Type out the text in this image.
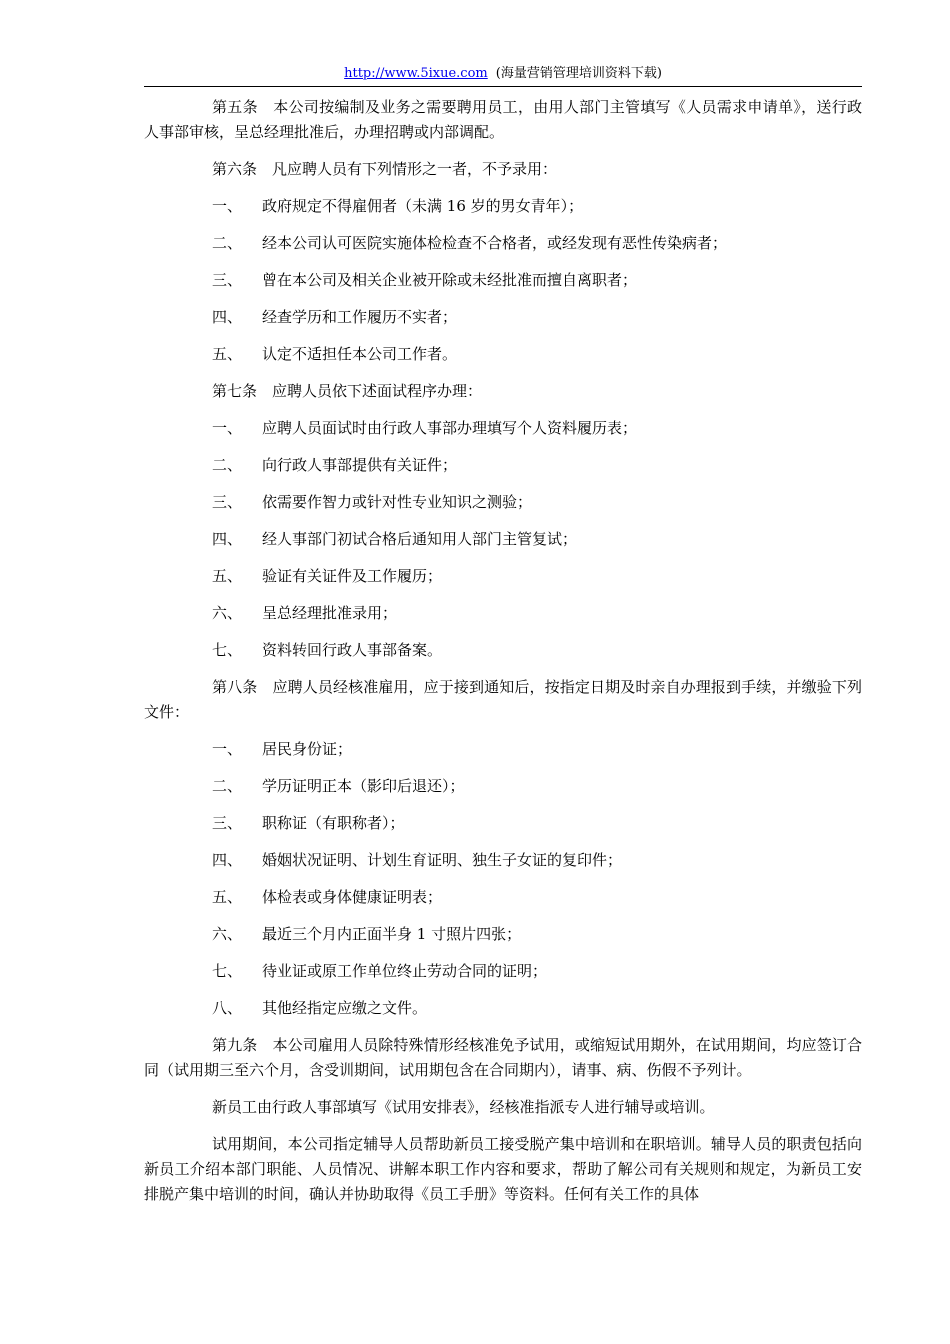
http://www.5ixue.com (海量营销管理培训资料下载)
第五条　本公司按编制及业务之需要聘用员工，由用人部门主管填写《人员需求申请单》，送行政人事部审核，呈总经理批准后，办理招聘或内部调配。
第六条　凡应聘人员有下列情形之一者，不予录用：
一、 政府规定不得雇佣者（未满 16 岁的男女青年）；
二、 经本公司认可医院实施体检检查不合格者，或经发现有恶性传染病者；
三、 曾在本公司及相关企业被开除或未经批准而擅自离职者；
四、 经查学历和工作履历不实者；
五、 认定不适担任本公司工作者。
第七条　应聘人员依下述面试程序办理：
一、 应聘人员面试时由行政人事部办理填写个人资料履历表；
二、 向行政人事部提供有关证件；
三、 依需要作智力或针对性专业知识之测验；
四、 经人事部门初试合格后通知用人部门主管复试；
五、 验证有关证件及工作履历；
六、 呈总经理批准录用；
七、 资料转回行政人事部备案。
第八条　应聘人员经核准雇用，应于接到通知后，按指定日期及时亲自办理报到手续，并缴验下列文件：
一、 居民身份证；
二、 学历证明正本（影印后退还）；
三、 职称证（有职称者）；
四、 婚姻状况证明、计划生育证明、独生子女证的复印件；
五、 体检表或身体健康证明表；
六、 最近三个月内正面半身 1 寸照片四张；
七、 待业证或原工作单位终止劳动合同的证明；
八、 其他经指定应缴之文件。
第九条　本公司雇用人员除特殊情形经核准免予试用，或缩短试用期外，在试用期间，均应签订合同（试用期三至六个月，含受训期间，试用期包含在合同期内），请事、病、伤假不予列计。
新员工由行政人事部填写《试用安排表》，经核准指派专人进行辅导或培训。
试用期间，本公司指定辅导人员帮助新员工接受脱产集中培训和在职培训。辅导人员的职责包括向新员工介绍本部门职能、人员情况、讲解本职工作内容和要求，帮助了解公司有关规则和规定，为新员工安排脱产集中培训的时间，确认并协助取得《员工手册》等资料。任何有关工作的具体
